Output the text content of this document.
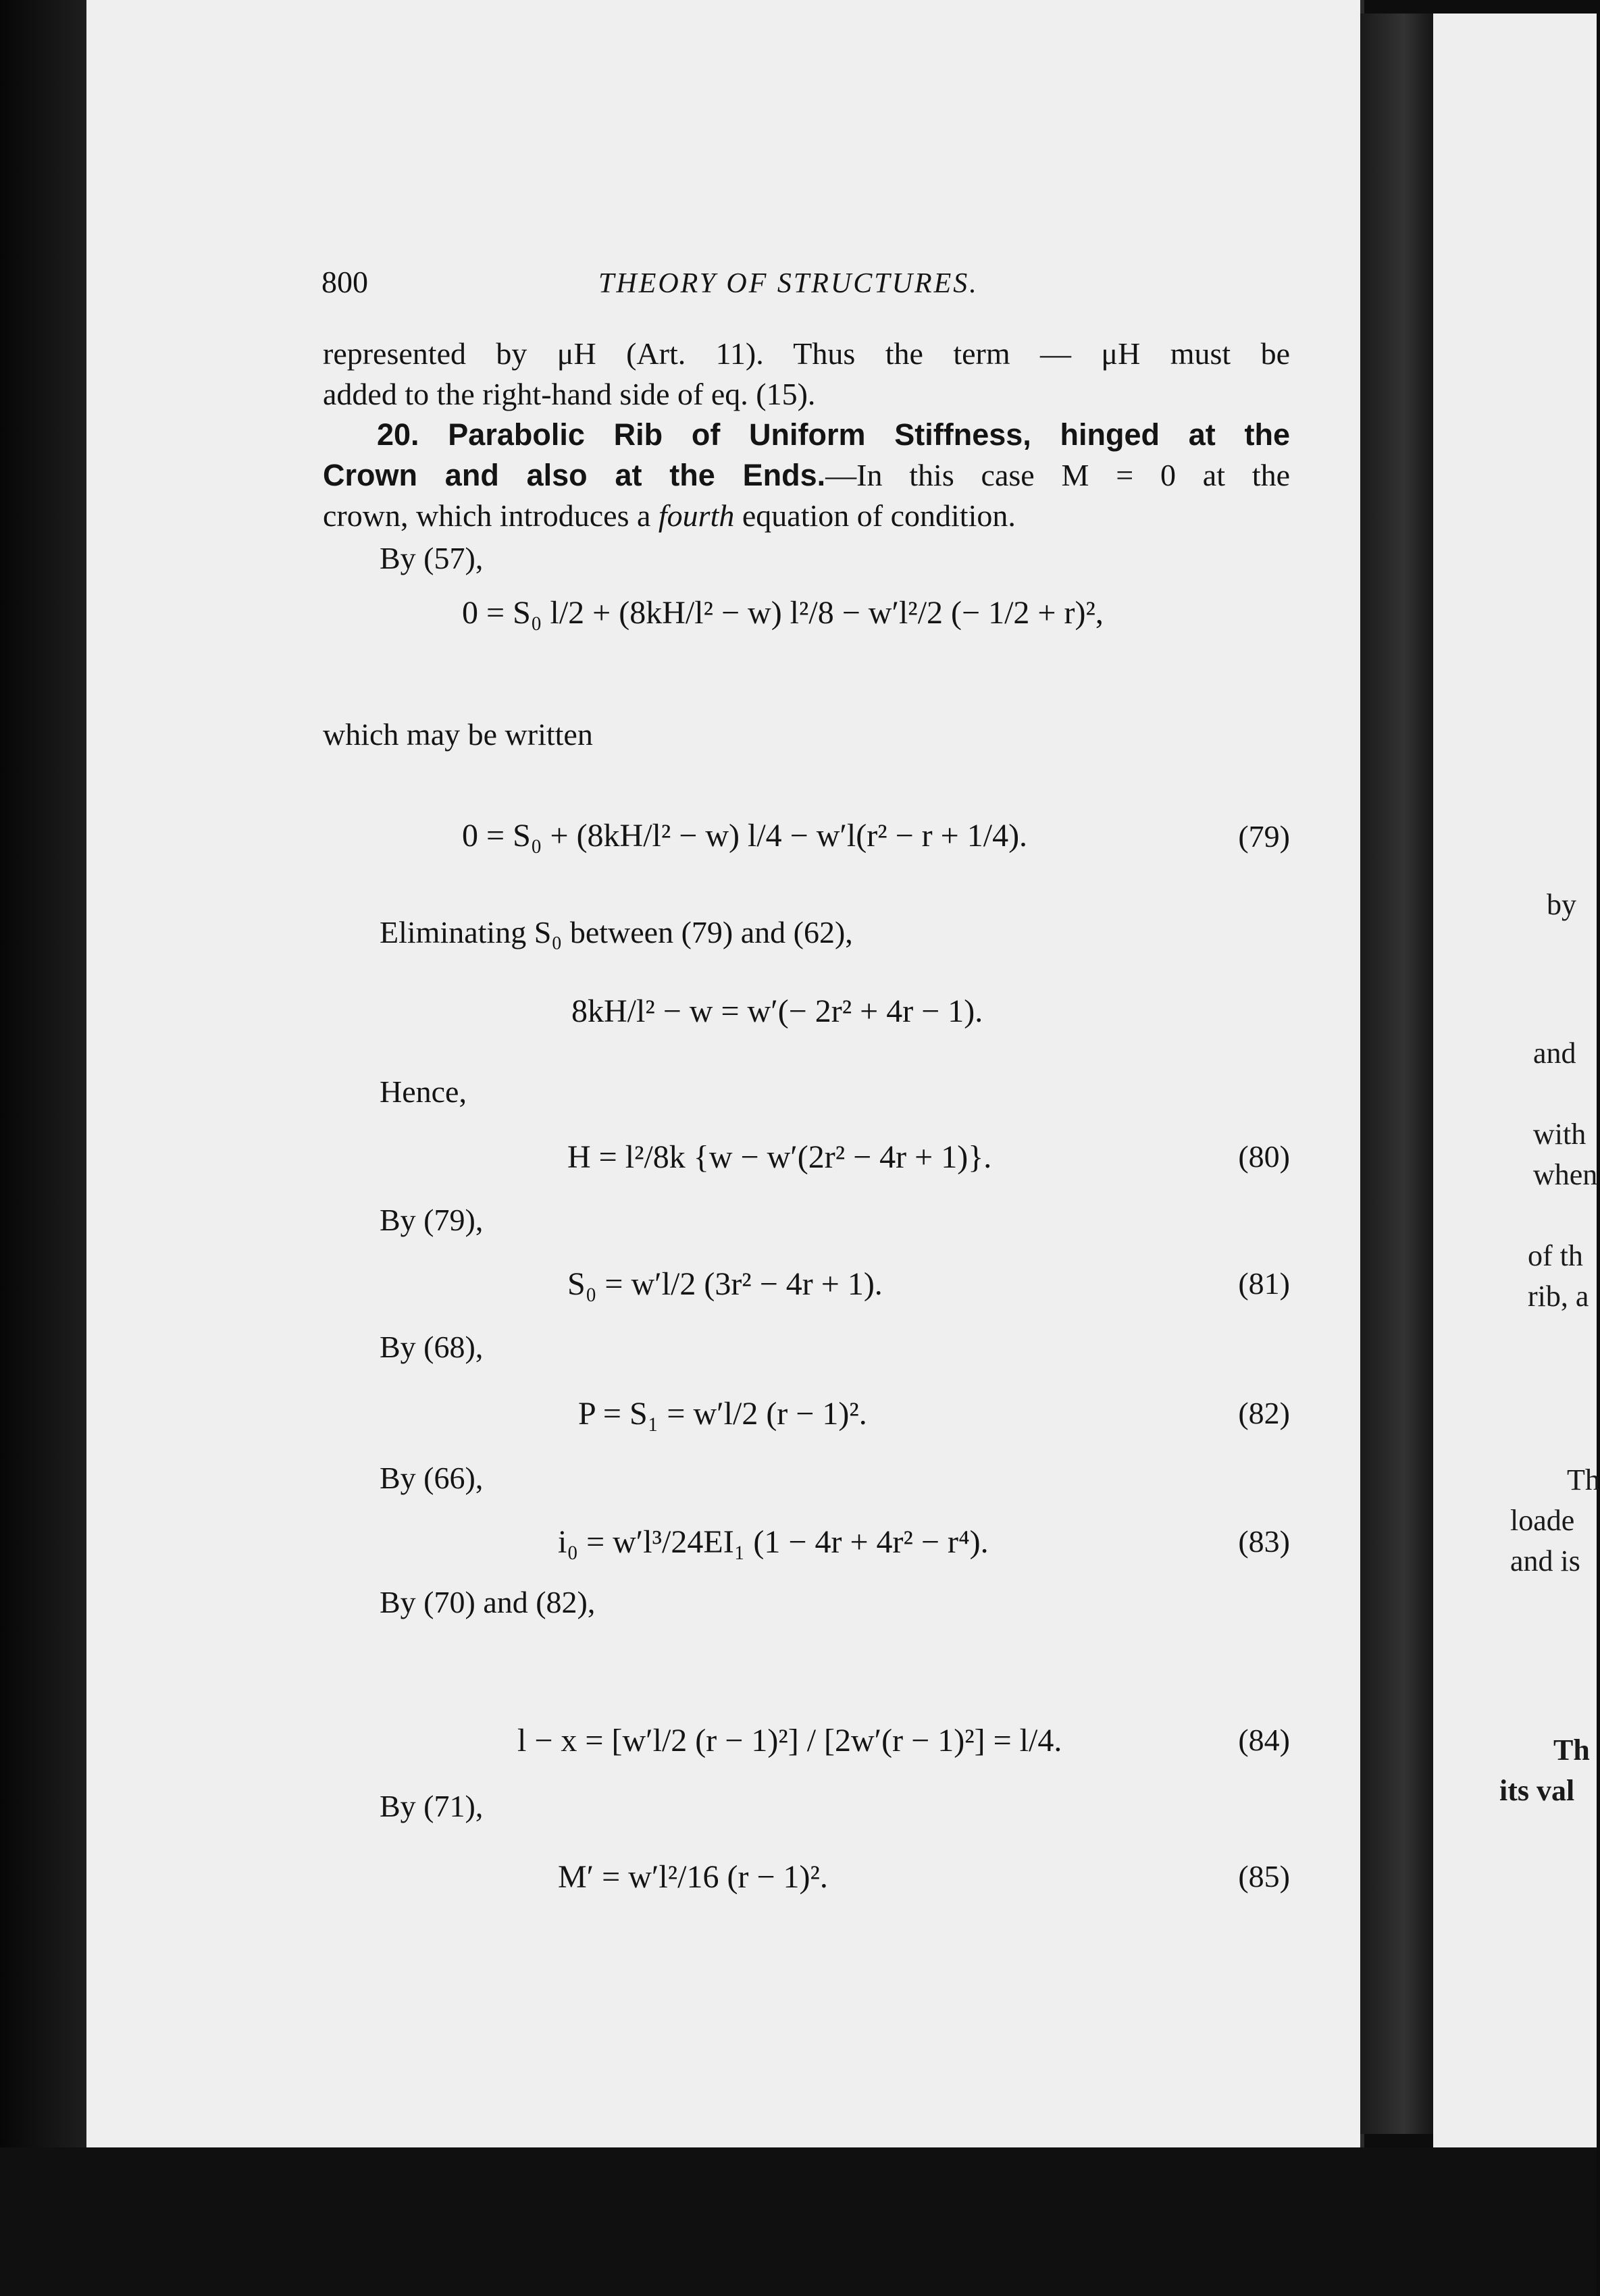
800	THEORY OF STRUCTURES.
represented by μH (Art. 11). Thus the term — μH must be
added to the right-hand side of eq. (15).
20. Parabolic Rib of Uniform Stiffness, hinged at the
Crown and also at the Ends.—In this case M = 0 at the
crown, which introduces a fourth equation of condition.
By (57),
0 = S₀ l/2 + (8kH/l² − w) l²/8 − w′l²/2 (− 1/2 + r)²,
which may be written
0 = S₀ + (8kH/l² − w) l/4 − w′l(r² − r + 1/4).	(79)
Eliminating S₀ between (79) and (62),
8kH/l² − w = w′(− 2r² + 4r − 1).
Hence,
H = l²/8k {w − w′(2r² − 4r + 1)}.	(80)
By (79),
S₀ = w′l/2 (3r² − 4r + 1).	(81)
By (68),
P = S₁ = w′l/2 (r − 1)².	(82)
By (66),
i₀ = w′l³/24EI₁ (1 − 4r + 4r² − r⁴).	(83)
By (70) and (82),
l − x = [w′l/2 (r − 1)²] / [2w′(r − 1)²] = l/4.	(84)
By (71),
M′ = w′l²/16 (r − 1)².	(85)
by
and
with
when
of th
rib, a
Th
loade
and is
Th
its val
